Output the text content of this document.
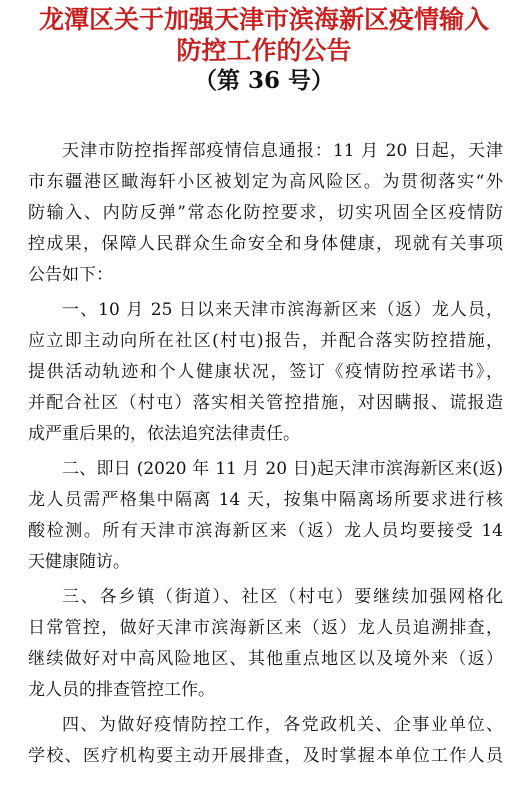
龙潭区关于加强天津市滨海新区疫情输入
防控工作的公告
（第 36 号）
天津市防控指挥部疫情信息通报：11 月 20 日起，天津
市东疆港区瞰海轩小区被划定为高风险区。为贯彻落实“外
防输入、内防反弹”常态化防控要求，切实巩固全区疫情防
控成果，保障人民群众生命安全和身体健康，现就有关事项
公告如下：
一、10 月 25 日以来天津市滨海新区来（返）龙人员，
应立即主动向所在社区(村屯)报告，并配合落实防控措施，
提供活动轨迹和个人健康状况，签订《疫情防控承诺书》，
并配合社区（村屯）落实相关管控措施，对因瞒报、谎报造
成严重后果的，依法追究法律责任。
二、即日 (2020 年 11 月 20 日)起天津市滨海新区来(返)
龙人员需严格集中隔离 14 天，按集中隔离场所要求进行核
酸检测。所有天津市滨海新区来（返）龙人员均要接受 14
天健康随访。
三、各乡镇（街道）、社区（村屯）要继续加强网格化
日常管控，做好天津市滨海新区来（返）龙人员追溯排查，
继续做好对中高风险地区、其他重点地区以及境外来（返）
龙人员的排查管控工作。
四、为做好疫情防控工作，各党政机关、企事业单位、
学校、医疗机构要主动开展排查，及时掌握本单位工作人员
